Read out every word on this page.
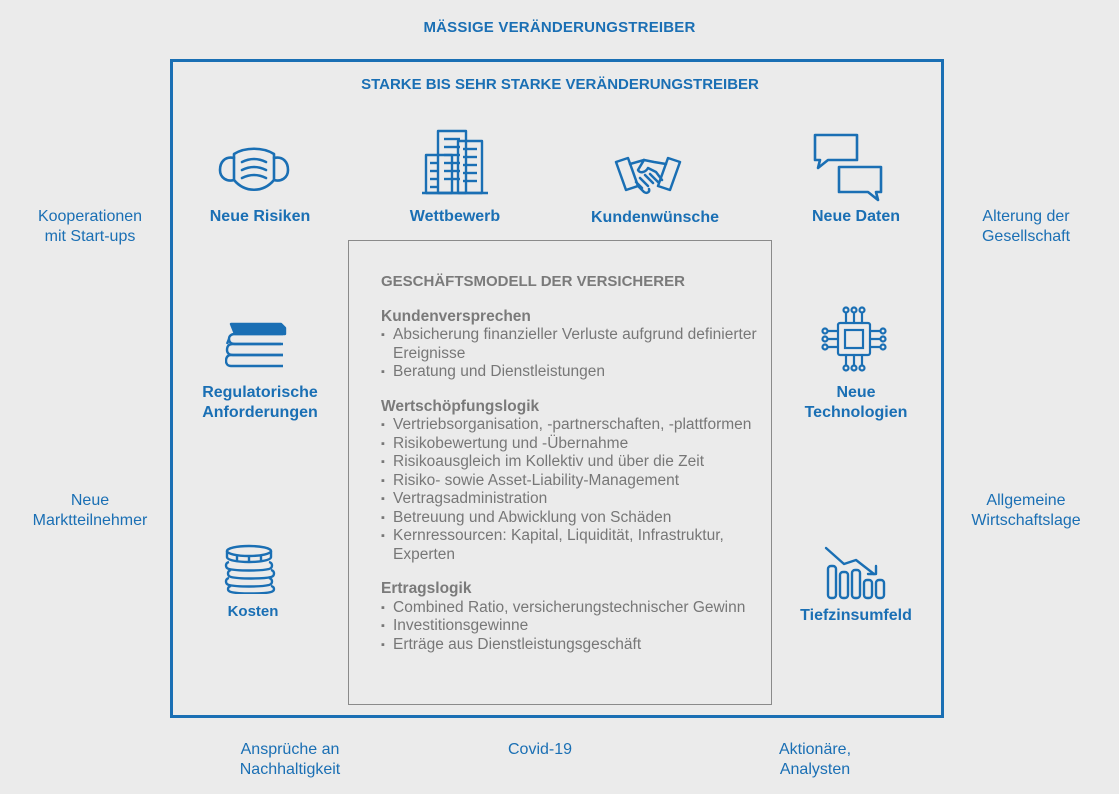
MÄSSIGE VERÄNDERUNGSTREIBER
STARKE BIS SEHR STARKE VERÄNDERUNGSTREIBER
Kooperationen
mit Start-ups
Alterung der
Gesellschaft
Neue
Marktteilnehmer
Allgemeine
Wirtschaftslage
Ansprüche an
Nachhaltigkeit
Covid-19	Aktionäre,
Analysten
Neue Risiken	Wettbewerb	Kundenwünsche	Neue Daten
Regulatorische
Anforderungen
Neue
Technologien
Kosten	Tiefzinsumfeld
GESCHÄFTSMODELL DER VERSICHERER
Kundenversprechen
▪ Absicherung finanzieller Verluste aufgrund definierter Ereignisse
▪ Beratung und Dienstleistungen
Wertschöpfungslogik
▪ Vertriebsorganisation, -partnerschaften, -plattformen
▪ Risikobewertung und -Übernahme
▪ Risikoausgleich im Kollektiv und über die Zeit
▪ Risiko- sowie Asset-Liability-Management
▪ Vertragsadministration
▪ Betreuung und Abwicklung von Schäden
▪ Kernressourcen: Kapital, Liquidität, Infrastruktur, Experten
Ertragslogik
▪ Combined Ratio, versicherungstechnischer Gewinn
▪ Investitionsgewinne
▪ Erträge aus Dienstleistungsgeschäft
